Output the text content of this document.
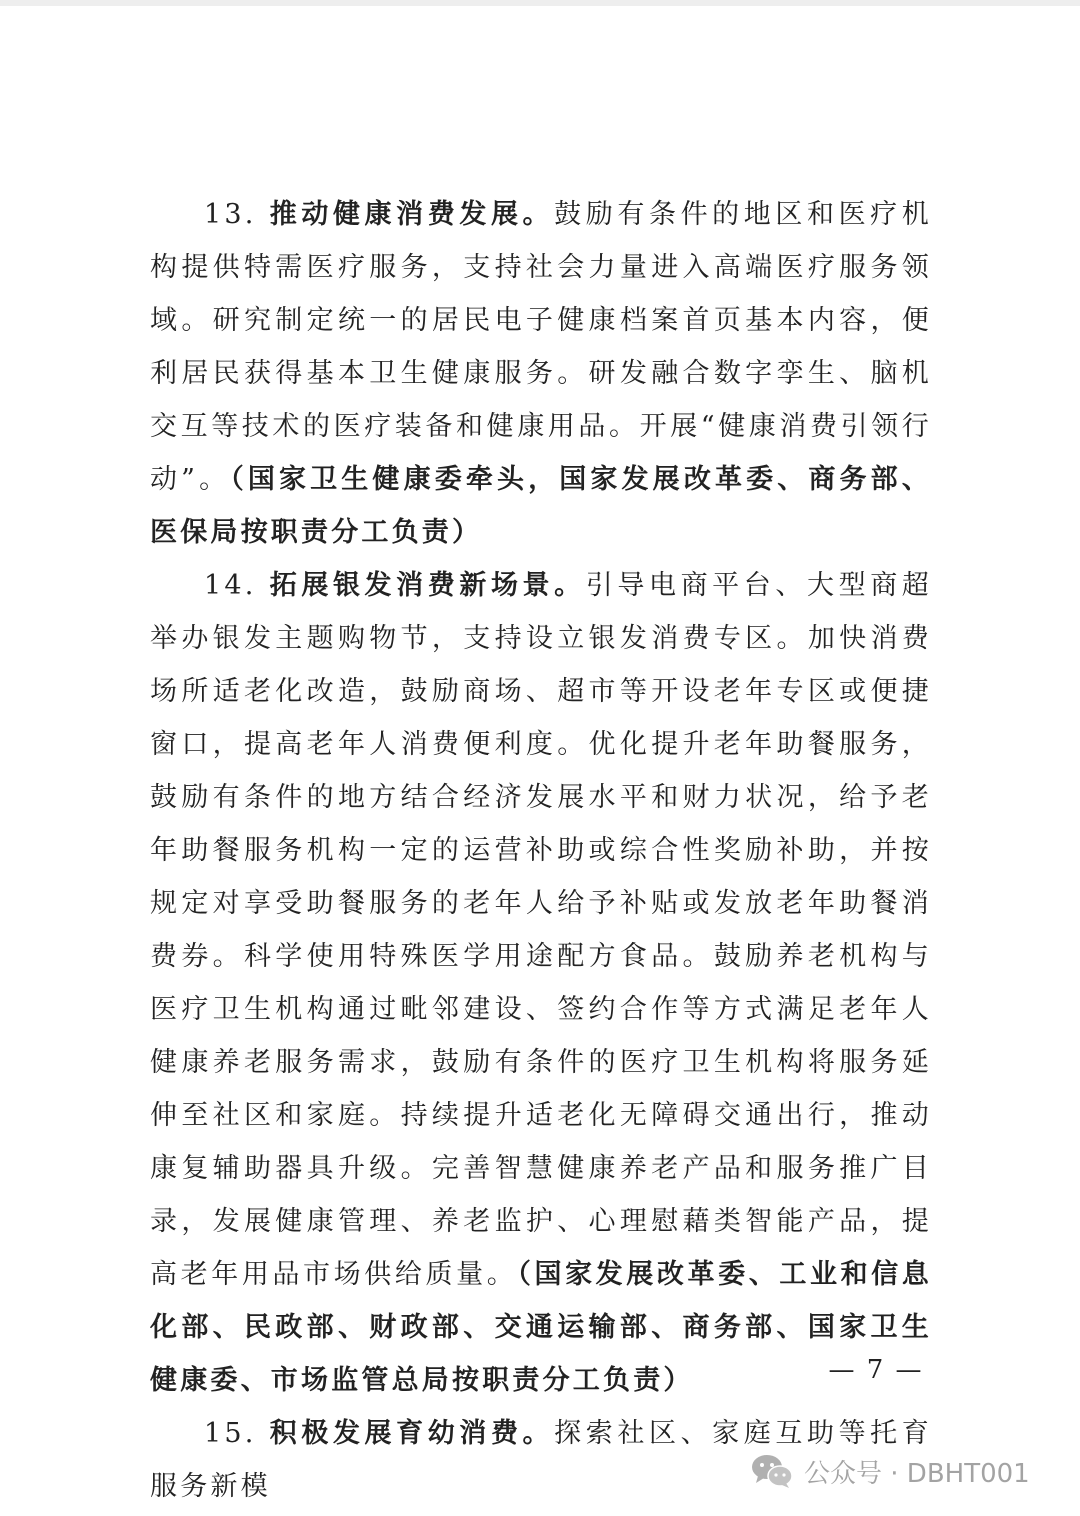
13. 推动健康消费发展。鼓励有条件的地区和医疗机构提供特需医疗服务，支持社会力量进入高端医疗服务领域。研究制定统一的居民电子健康档案首页基本内容，便利居民获得基本卫生健康服务。研发融合数字孪生、脑机交互等技术的医疗装备和健康用品。开展“健康消费引领行动”。（国家卫生健康委牵头，国家发展改革委、商务部、医保局按职责分工负责）

14. 拓展银发消费新场景。引导电商平台、大型商超举办银发主题购物节，支持设立银发消费专区。加快消费场所适老化改造，鼓励商场、超市等开设老年专区或便捷窗口，提高老年人消费便利度。优化提升老年助餐服务，鼓励有条件的地方结合经济发展水平和财力状况，给予老年助餐服务机构一定的运营补助或综合性奖励补助，并按规定对享受助餐服务的老年人给予补贴或发放老年助餐消费券。科学使用特殊医学用途配方食品。鼓励养老机构与医疗卫生机构通过毗邻建设、签约合作等方式满足老年人健康养老服务需求，鼓励有条件的医疗卫生机构将服务延伸至社区和家庭。持续提升适老化无障碍交通出行，推动康复辅助器具升级。完善智慧健康养老产品和服务推广目录，发展健康管理、养老监护、心理慰藉类智能产品，提高老年用品市场供给质量。（国家发展改革委、工业和信息化部、民政部、财政部、交通运输部、商务部、国家卫生健康委、市场监管总局按职责分工负责）

15. 积极发展育幼消费。探索社区、家庭互助等托育服务新模

— 7 —
公众号 · DBHT001
